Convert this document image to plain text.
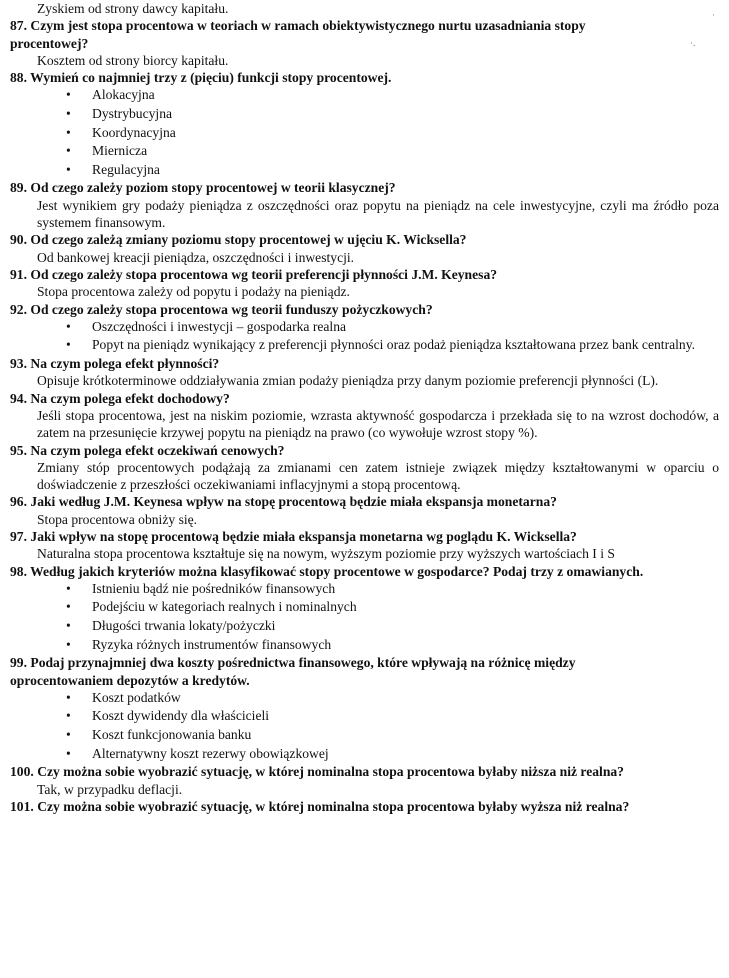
Zyskiem od strony dawcy kapitału.
87. Czym jest stopa procentowa w teoriach w ramach obiektywistycznego nurtu uzasadniania stopy procentowej?
Kosztem od strony biorcy kapitału.
88. Wymień co najmniej trzy z (pięciu) funkcji stopy procentowej.
• Alokacyjna
• Dystrybucyjna
• Koordynacyjna
• Miernicza
• Regulacyjna
89. Od czego zależy poziom stopy procentowej w teorii klasycznej?
Jest wynikiem gry podaży pieniądza z oszczędności oraz popytu na pieniądz na cele inwestycyjne, czyli ma źródło poza systemem finansowym.
90. Od czego zależą zmiany poziomu stopy procentowej w ujęciu K. Wicksella?
Od bankowej kreacji pieniądza, oszczędności i inwestycji.
91. Od czego zależy stopa procentowa wg teorii preferencji płynności J.M. Keynesa?
Stopa procentowa zależy od popytu i podaży na pieniądz.
92. Od czego zależy stopa procentowa wg teorii funduszy pożyczkowych?
• Oszczędności i inwestycji – gospodarka realna
• Popyt na pieniądz wynikający z preferencji płynności oraz podaż pieniądza kształtowana przez bank centralny.
93. Na czym polega efekt płynności?
Opisuje krótkoterminowe oddziaływania zmian podaży pieniądza przy danym poziomie preferencji płynności (L).
94. Na czym polega efekt dochodowy?
Jeśli stopa procentowa, jest na niskim poziomie, wzrasta aktywność gospodarcza i przekłada się to na wzrost dochodów, a zatem na przesunięcie krzywej popytu na pieniądz na prawo (co wywołuje wzrost stopy %).
95. Na czym polega efekt oczekiwań cenowych?
Zmiany stóp procentowych podążają za zmianami cen zatem istnieje związek między kształtowanymi w oparciu o doświadczenie z przeszłości oczekiwaniami inflacyjnymi a stopą procentową.
96. Jaki według J.M. Keynesa wpływ na stopę procentową będzie miała ekspansja monetarna?
Stopa procentowa obniży się.
97. Jaki wpływ na stopę procentową będzie miała ekspansja monetarna wg poglądu K. Wicksella?
Naturalna stopa procentowa kształtuje się na nowym, wyższym poziomie przy wyższych wartościach I i S
98. Według jakich kryteriów można klasyfikować stopy procentowe w gospodarce? Podaj trzy z omawianych.
• Istnieniu bądź nie pośredników finansowych
• Podejściu w kategoriach realnych i nominalnych
• Długości trwania lokaty/pożyczki
• Ryzyka różnych instrumentów finansowych
99. Podaj przynajmniej dwa koszty pośrednictwa finansowego, które wpływają na różnicę między oprocentowaniem depozytów a kredytów.
• Koszt podatków
• Koszt dywidendy dla właścicieli
• Koszt funkcjonowania banku
• Alternatywny koszt rezerwy obowiązkowej
100. Czy można sobie wyobrazić sytuację, w której nominalna stopa procentowa byłaby niższa niż realna?
Tak, w przypadku deflacji.
101. Czy można sobie wyobrazić sytuację, w której nominalna stopa procentowa byłaby wyższa niż realna?
·
·.
